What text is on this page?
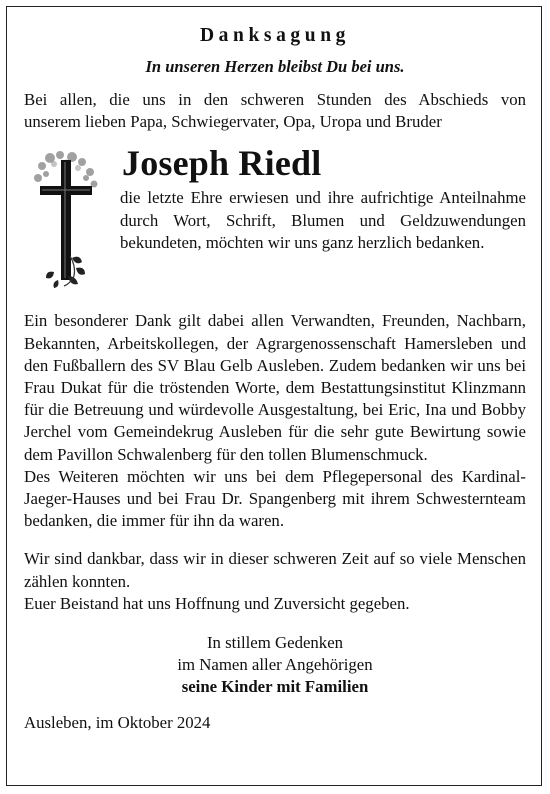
Danksagung
In unseren Herzen bleibst Du bei uns.

Bei allen, die uns in den schweren Stunden des Abschieds von

unserem lieben Papa, Schwiegervater, Opa, Uropa und Bruder

Joseph Riedl

die letzte Ehre erwiesen und ihre aufrichtige Anteilnahme durch Wort, Schrift, Blumen und Geldzuwendungen bekundeten, möchten wir uns ganz herzlich bedanken.

Ein besonderer Dank gilt dabei allen Verwandten, Freunden, Nachbarn, Bekannten, Arbeitskollegen, der Agrargenossenschaft Hamersleben und den Fußballern des SV Blau Gelb Ausleben. Zudem bedanken wir uns bei Frau Dukat für die tröstenden Worte, dem Bestattungsinstitut Klinzmann für die Betreuung und würdevolle Ausgestaltung, bei Eric, Ina und Bobby Jerchel vom Gemeindekrug Ausleben für die sehr gute Bewirtung sowie dem Pavillon Schwalenberg für den tollen Blumenschmuck.

Des Weiteren möchten wir uns bei dem Pflegepersonal des Kardinal-Jaeger-Hauses und bei Frau Dr. Spangenberg mit ihrem Schwesternteam bedanken, die immer für ihn da waren.

Wir sind dankbar, dass wir in dieser schweren Zeit auf so viele Menschen zählen konnten.

Euer Beistand hat uns Hoffnung und Zuversicht gegeben.

In stillem Gedenken
im Namen aller Angehörigen
seine Kinder mit Familien

Ausleben, im Oktober 2024
